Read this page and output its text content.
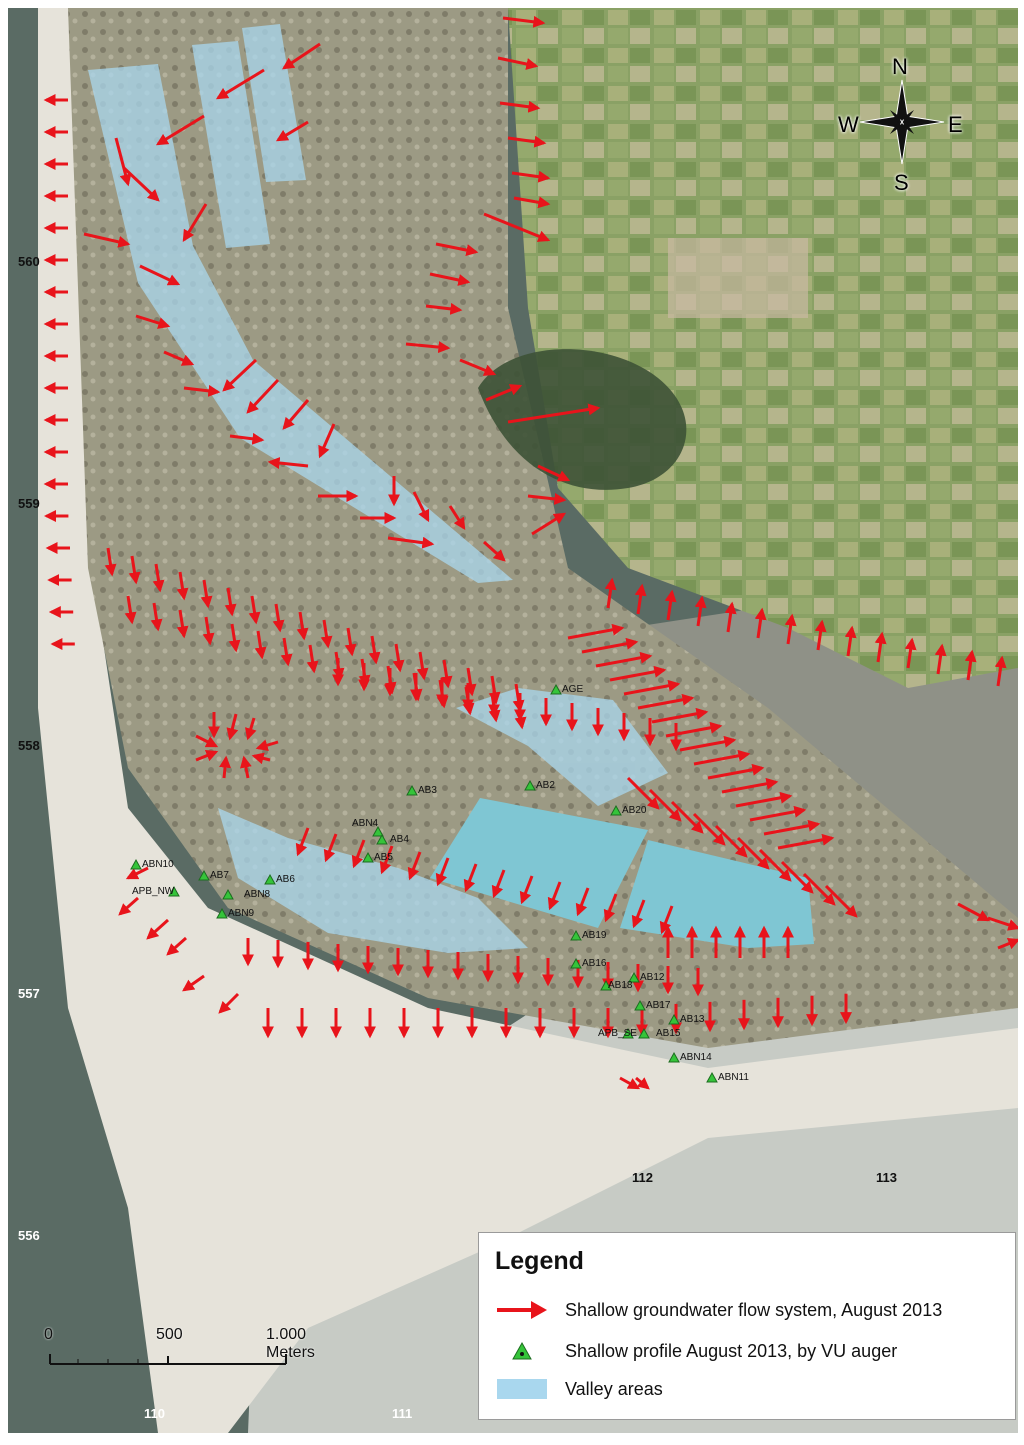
AGE
AB3	AB2
AB20
ABN4
AB4
AB5
ABN10
AB7
APB_NW	ABN8
AB6
ABN9
AB19
AB16
AB18
AB12
AB17
APB_SE AB15
AB13
ABN14
ABN11
560
559
558
557
556
110	111
112	113
N
W	E
S
0	500	1.000 Meters
Legend
Shallow groundwater flow system, August 2013
Shallow profile August 2013, by VU auger
Valley areas
